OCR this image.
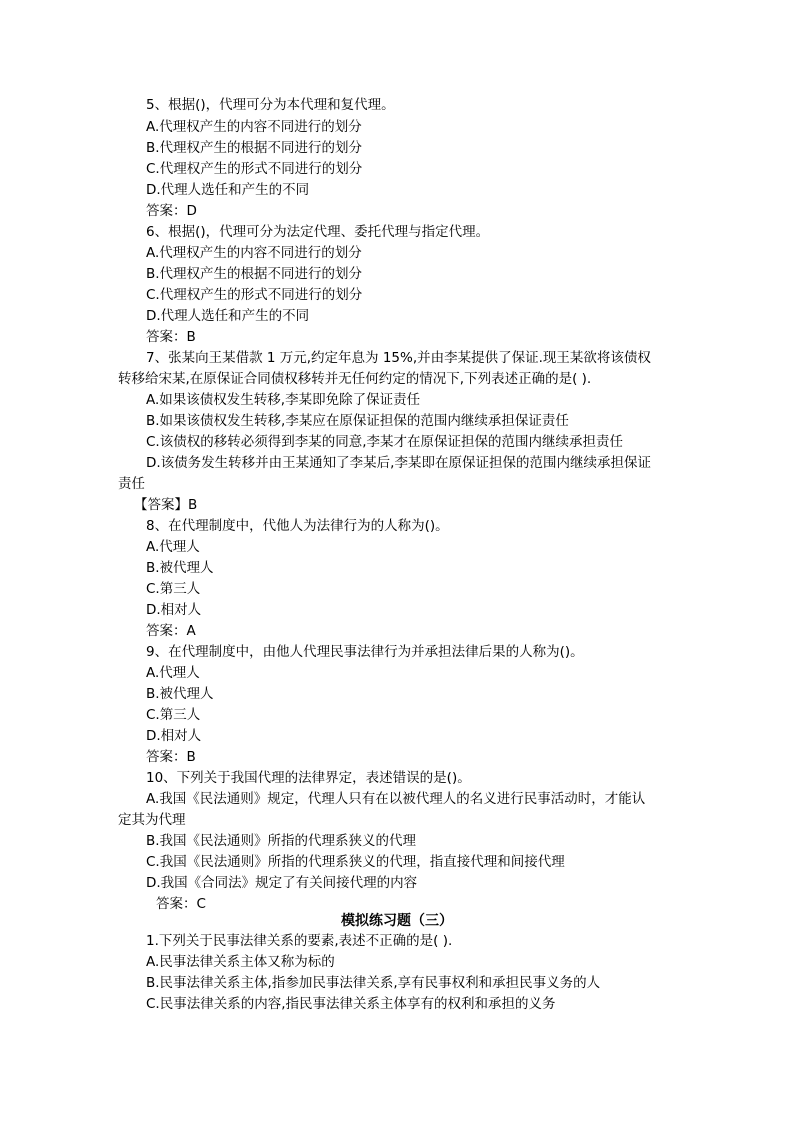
5、根据()，代理可分为本代理和复代理。
A.代理权产生的内容不同进行的划分
B.代理权产生的根据不同进行的划分
C.代理权产生的形式不同进行的划分
D.代理人选任和产生的不同
答案：D
6、根据()，代理可分为法定代理、委托代理与指定代理。
A.代理权产生的内容不同进行的划分
B.代理权产生的根据不同进行的划分
C.代理权产生的形式不同进行的划分
D.代理人选任和产生的不同
答案：B
7、张某向王某借款 1 万元,约定年息为 15%,并由李某提供了保证.现王某欲将该债权
转移给宋某,在原保证合同债权移转并无任何约定的情况下,下列表述正确的是( ).
A.如果该债权发生转移,李某即免除了保证责任
B.如果该债权发生转移,李某应在原保证担保的范围内继续承担保证责任
C.该债权的移转必须得到李某的同意,李某才在原保证担保的范围内继续承担责任
D.该债务发生转移并由王某通知了李某后,李某即在原保证担保的范围内继续承担保证
责任
【答案】B
8、在代理制度中，代他人为法律行为的人称为()。
A.代理人
B.被代理人
C.第三人
D.相对人
答案：A
9、在代理制度中，由他人代理民事法律行为并承担法律后果的人称为()。
A.代理人
B.被代理人
C.第三人
D.相对人
答案：B
10、下列关于我国代理的法律界定，表述错误的是()。
A.我国《民法通则》规定，代理人只有在以被代理人的名义进行民事活动时，才能认
定其为代理
B.我国《民法通则》所指的代理系狭义的代理
C.我国《民法通则》所指的代理系狭义的代理，指直接代理和间接代理
D.我国《合同法》规定了有关间接代理的内容
答案：C
模拟练习题（三）
1.下列关于民事法律关系的要素,表述不正确的是( ).
A.民事法律关系主体又称为标的
B.民事法律关系主体,指参加民事法律关系,享有民事权利和承担民事义务的人
C.民事法律关系的内容,指民事法律关系主体享有的权利和承担的义务
